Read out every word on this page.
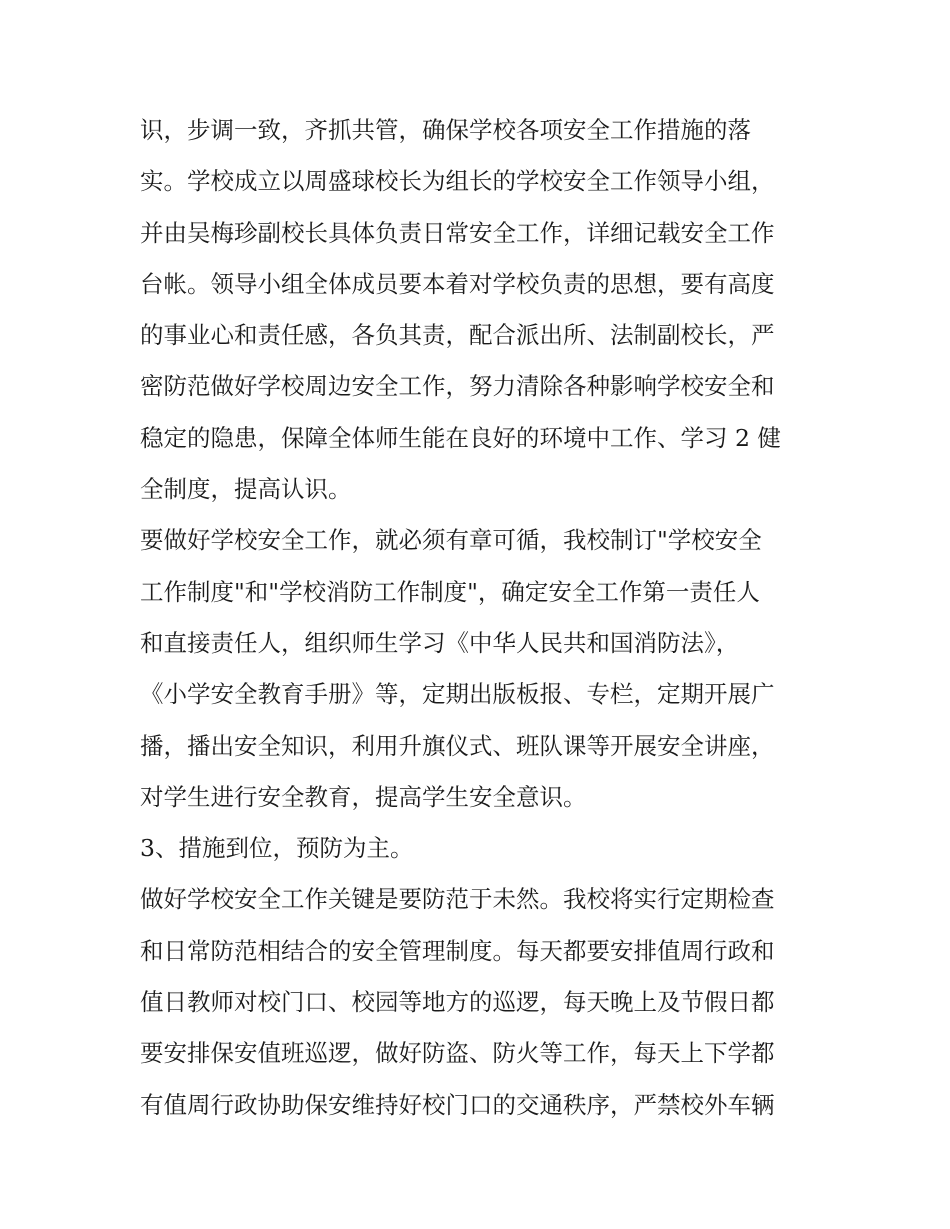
识，步调一致，齐抓共管，确保学校各项安全工作措施的落
实。学校成立以周盛球校长为组长的学校安全工作领导小组，
并由吴梅珍副校长具体负责日常安全工作，详细记载安全工作
台帐。领导小组全体成员要本着对学校负责的思想，要有高度
的事业心和责任感，各负其责，配合派出所、法制副校长，严
密防范做好学校周边安全工作，努力清除各种影响学校安全和
稳定的隐患，保障全体师生能在良好的环境中工作、学习 2 健
全制度，提高认识。
要做好学校安全工作，就必须有章可循，我校制订"学校安全
工作制度"和"学校消防工作制度"，确定安全工作第一责任人
和直接责任人，组织师生学习《中华人民共和国消防法》，
《小学安全教育手册》等，定期出版板报、专栏，定期开展广
播，播出安全知识，利用升旗仪式、班队课等开展安全讲座，
对学生进行安全教育，提高学生安全意识。
3、措施到位，预防为主。
做好学校安全工作关键是要防范于未然。我校将实行定期检查
和日常防范相结合的安全管理制度。每天都要安排值周行政和
值日教师对校门口、校园等地方的巡逻，每天晚上及节假日都
要安排保安值班巡逻，做好防盗、防火等工作，每天上下学都
有值周行政协助保安维持好校门口的交通秩序，严禁校外车辆
